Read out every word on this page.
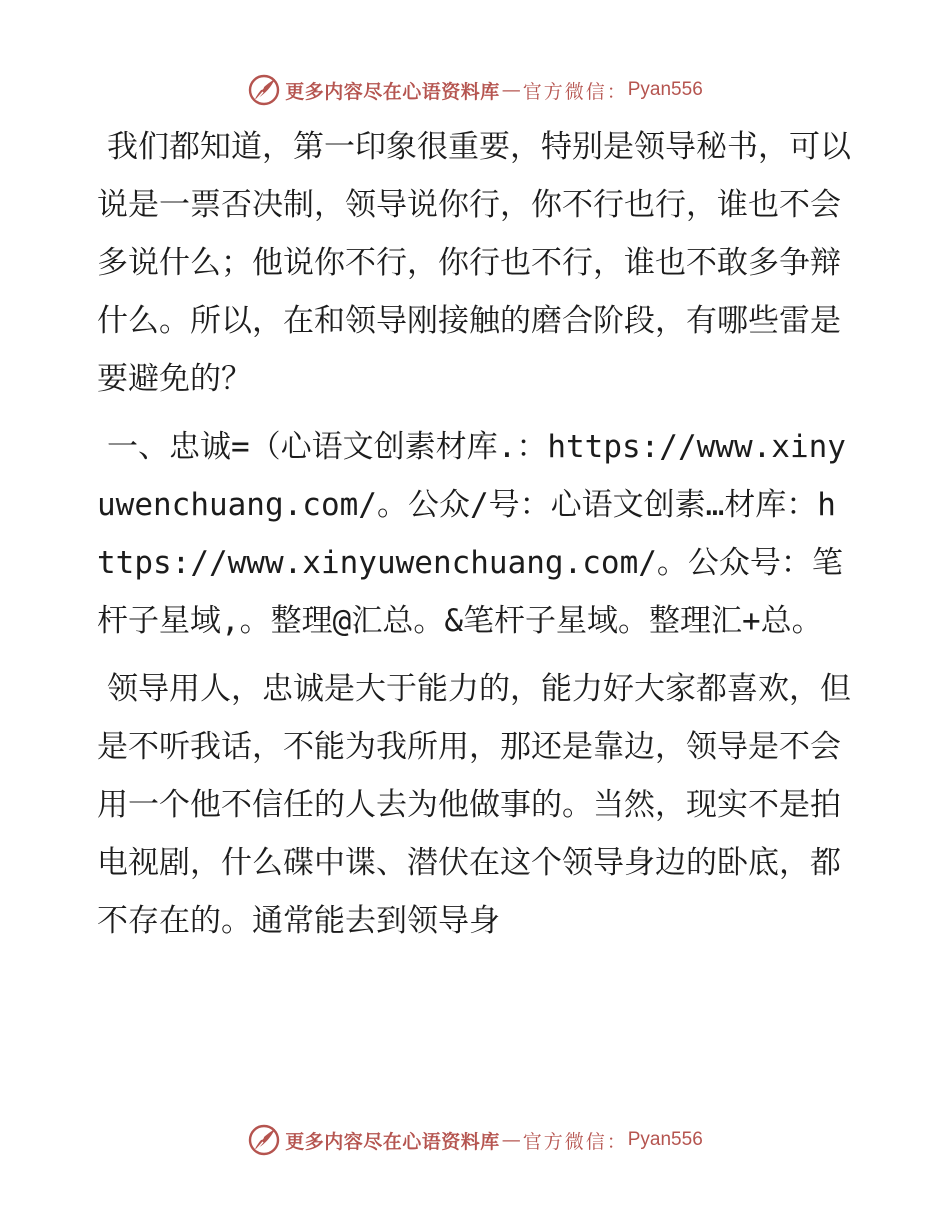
更多内容尽在心语资料库 — 官方微信： Pyan556

我们都知道，第一印象很重要，特别是领导秘书，可以说是一票否决制，领导说你行，你不行也行，谁也不会多说什么；他说你不行，你行也不行，谁也不敢多争辩什么。所以，在和领导刚接触的磨合阶段，有哪些雷是要避免的？

一、忠诚=（心语文创素材库.：https://www.xinyuwenchuang.com/。公众/号：心语文创素…材库：https://www.xinyuwenchuang.com/。公众号：笔杆子星域,。整理@汇总。&笔杆子星域。整理汇+总。

领导用人，忠诚是大于能力的，能力好大家都喜欢，但是不听我话，不能为我所用，那还是靠边，领导是不会用一个他不信任的人去为他做事的。当然，现实不是拍电视剧，什么碟中谍、潜伏在这个领导身边的卧底，都不存在的。通常能去到领导身

更多内容尽在心语资料库 — 官方微信： Pyan556
